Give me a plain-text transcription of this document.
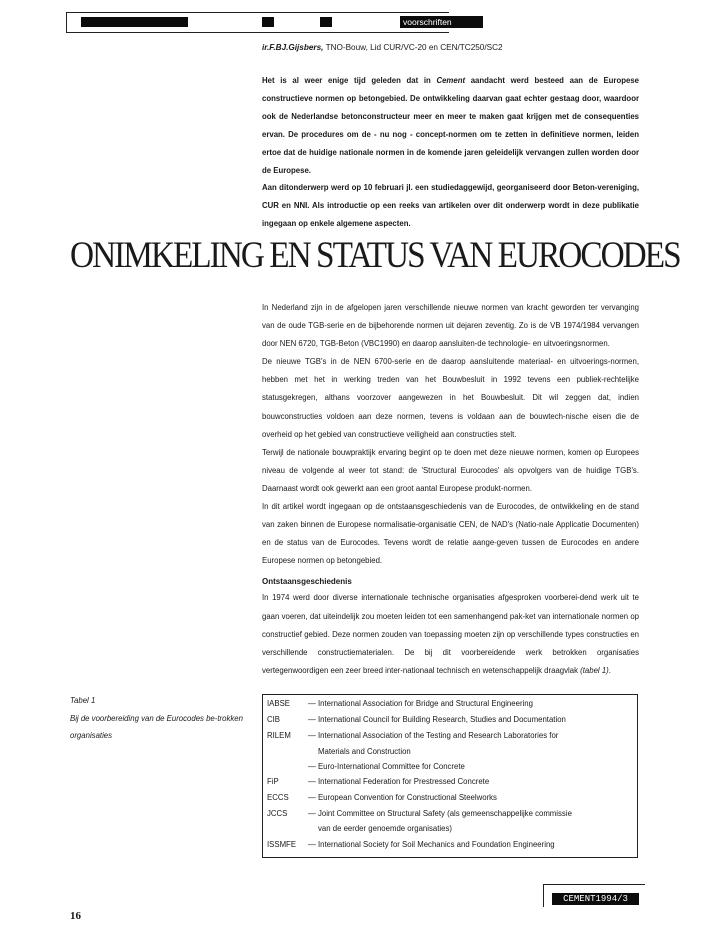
voorschriften
ir.F.BJ.Gijsbers, TNO-Bouw, Lid CUR/VC-20 en CEN/TC250/SC2

Het is al weer enige tijd geleden dat in Cement aandacht werd besteed aan de Europese constructieve normen op betongebied. De ontwikkeling daarvan gaat echter gestaag door, waardoor ook de Nederlandse betonconstructeur meer en meer te maken gaat krijgen met de consequenties ervan. De procedures om de - nu nog - concept-normen om te zetten in definitieve normen, leiden ertoe dat de huidige nationale normen in de komende jaren geleidelijk vervangen zullen worden door de Europese.

Aan ditonderwerp werd op 10 februari jl. een studiedaggewijd, georganiseerd door Beton-vereniging, CUR en NNI. Als introductie op een reeks van artikelen over dit onderwerp wordt in deze publikatie ingegaan op enkele algemene aspecten.

ONIMKELING EN STATUS VAN EUROCODES

In Nederland zijn in de afgelopen jaren verschillende nieuwe normen van kracht geworden ter vervanging van de oude TGB-serie en de bijbehorende normen uit dejaren zeventig. Zo is de VB 1974/1984 vervangen door NEN 6720, TGB-Beton (VBC1990) en daarop aansluiten-de technologie- en uitvoeringsnormen.

De nieuwe TGB's in de NEN 6700-serie en de daarop aansluitende materiaal- en uitvoerings-normen, hebben met het in werking treden van het Bouwbesluit in 1992 tevens een publiek-rechtelijke statusgekregen, althans voorzover aangewezen in het Bouwbesluit. Dit wil zeggen dat, indien bouwconstructies voldoen aan deze normen, tevens is voldaan aan de bouwtech-nische eisen die de overheid op het gebied van constructieve veiligheid aan constructies stelt.

Terwijl de nationale bouwpraktijk ervaring begint op te doen met deze nieuwe normen, komen op Europees niveau de volgende al weer tot stand: de 'Structural Eurocodes' als opvolgers van de huidige TGB's. Daarnaast wordt ook gewerkt aan een groot aantal Europese produkt-normen.

In dit artikel wordt ingegaan op de ontstaansgeschiedenis van de Eurocodes, de ontwikkeling en de stand van zaken binnen de Europese normalisatie-organisatie CEN, de NAD's (Natio-nale Applicatie Documenten) en de status van de Eurocodes. Tevens wordt de relatie aange-geven tussen de Eurocodes en andere Europese normen op betongebied.

Ontstaansgeschiedenis

In 1974 werd door diverse internationale technische organisaties afgesproken voorberei-dend werk uit te gaan voeren, dat uiteindelijk zou moeten leiden tot een samenhangend pak-ket van internationale normen op constructief gebied. Deze normen zouden van toepassing moeten zijn op verschillende types constructies en verschillende constructiematerialen. De bij dit voorbereidende werk betrokken organisaties vertegenwoordigen een zeer breed inter-nationaal technisch en wetenschappelijk draagvlak (tabel 1).

Tabel 1

Bij de voorbereiding van de Eurocodes be-trokken organisaties

IABSE	— International Association for Bridge and Structural Engineering
CIB	— International Council for Building Research, Studies and Documentation
RILEM	— International Association of the Testing and Research Laboratories for
Materials and Construction
— Euro-International Committee for Concrete
FiP	— International Federation for Prestressed Concrete
ECCS	— European Convention for Constructional Steelworks
JCCS	— Joint Committee on Structural Safety (als gemeenschappelijke commissie
van de eerder genoemde organisaties)
ISSMFE	— International Society for Soil Mechanics and Foundation Engineering
CEMENT1994/3
16
